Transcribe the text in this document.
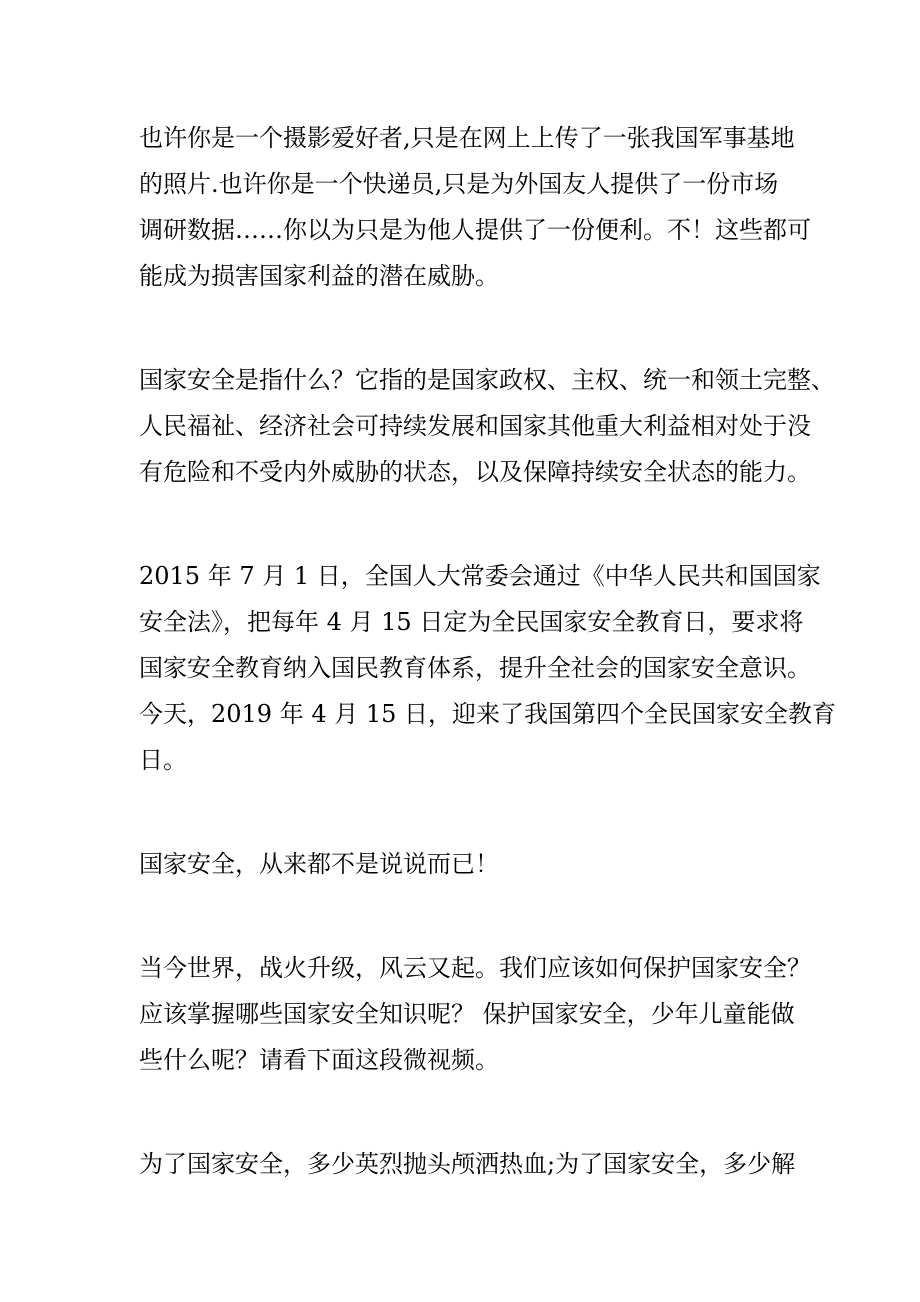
也许你是一个摄影爱好者,只是在网上上传了一张我国军事基地
的照片.也许你是一个快递员,只是为外国友人提供了一份市场
调研数据……你以为只是为他人提供了一份便利。不！这些都可
能成为损害国家利益的潜在威胁。
国家安全是指什么？它指的是国家政权、主权、统一和领土完整、
人民福祉、经济社会可持续发展和国家其他重大利益相对处于没
有危险和不受内外威胁的状态，以及保障持续安全状态的能力。
2015 年 7 月 1 日，全国人大常委会通过《中华人民共和国国家
安全法》，把每年 4 月 15 日定为全民国家安全教育日，要求将
国家安全教育纳入国民教育体系，提升全社会的国家安全意识。
今天，2019 年 4 月 15 日，迎来了我国第四个全民国家安全教育
日。
国家安全，从来都不是说说而已！
当今世界，战火升级，风云又起。我们应该如何保护国家安全？
应该掌握哪些国家安全知识呢？ 保护国家安全，少年儿童能做
些什么呢？请看下面这段微视频。
为了国家安全，多少英烈抛头颅洒热血;为了国家安全，多少解
